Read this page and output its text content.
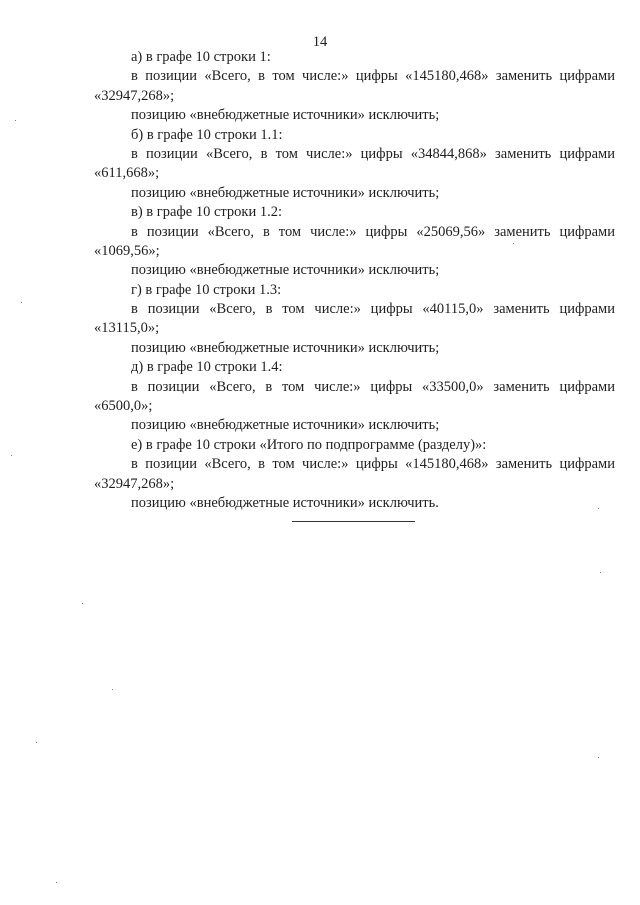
14
а) в графе 10 строки 1:
в позиции «Всего, в том числе:» цифры «145180,468» заменить цифрами
«32947,268»;
позицию «внебюджетные источники» исключить;
б) в графе 10 строки 1.1:
в позиции «Всего, в том числе:» цифры «34844,868» заменить цифрами
«611,668»;
позицию «внебюджетные источники» исключить;
в) в графе 10 строки 1.2:
в позиции «Всего, в том числе:» цифры «25069,56» заменить цифрами
«1069,56»;
позицию «внебюджетные источники» исключить;
г) в графе 10 строки 1.3:
в позиции «Всего, в том числе:» цифры «40115,0» заменить цифрами
«13115,0»;
позицию «внебюджетные источники» исключить;
д) в графе 10 строки 1.4:
в позиции «Всего, в том числе:» цифры «33500,0» заменить цифрами
«6500,0»;
позицию «внебюджетные источники» исключить;
е) в графе 10 строки «Итого по подпрограмме (разделу)»:
в позиции «Всего, в том числе:» цифры «145180,468» заменить цифрами
«32947,268»;
позицию «внебюджетные источники» исключить.
